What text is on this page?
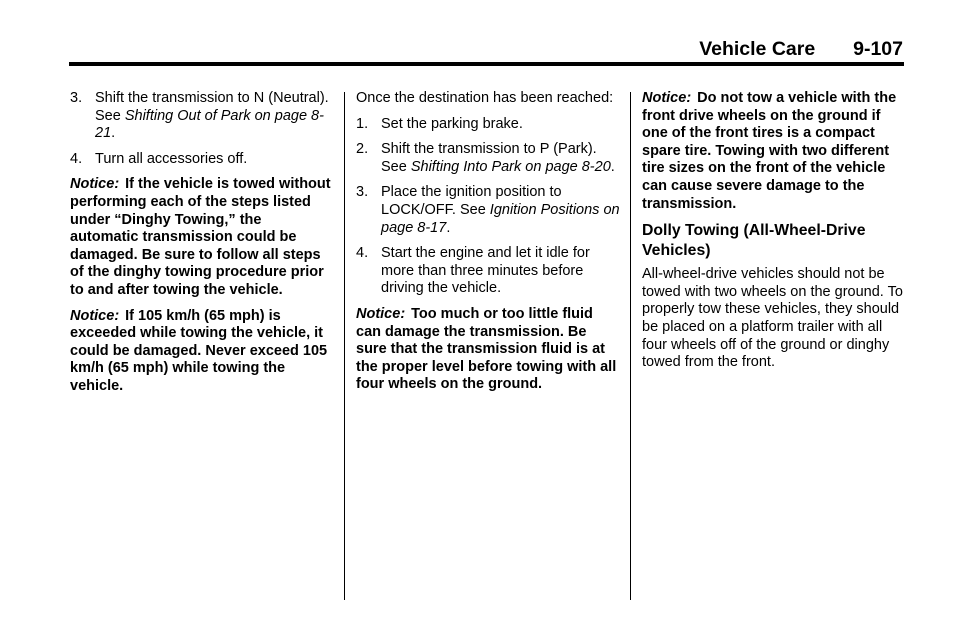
Vehicle Care 9-107
3. Shift the transmission to N (Neutral). See Shifting Out of Park on page 8-21.
4. Turn all accessories off.

Notice: If the vehicle is towed without performing each of the steps listed under “Dinghy Towing,” the automatic transmission could be damaged. Be sure to follow all steps of the dinghy towing procedure prior to and after towing the vehicle.

Notice: If 105 km/h (65 mph) is exceeded while towing the vehicle, it could be damaged. Never exceed 105 km/h (65 mph) while towing the vehicle.

Once the destination has been reached:

1. Set the parking brake.
2. Shift the transmission to P (Park). See Shifting Into Park on page 8-20.
3. Place the ignition position to LOCK/OFF. See Ignition Positions on page 8-17.
4. Start the engine and let it idle for more than three minutes before driving the vehicle.

Notice: Too much or too little fluid can damage the transmission. Be sure that the transmission fluid is at the proper level before towing with all four wheels on the ground.

Notice: Do not tow a vehicle with the front drive wheels on the ground if one of the front tires is a compact spare tire. Towing with two different tire sizes on the front of the vehicle can cause severe damage to the transmission.

Dolly Towing (All-Wheel-Drive Vehicles)

All-wheel-drive vehicles should not be towed with two wheels on the ground. To properly tow these vehicles, they should be placed on a platform trailer with all four wheels off of the ground or dinghy towed from the front.
